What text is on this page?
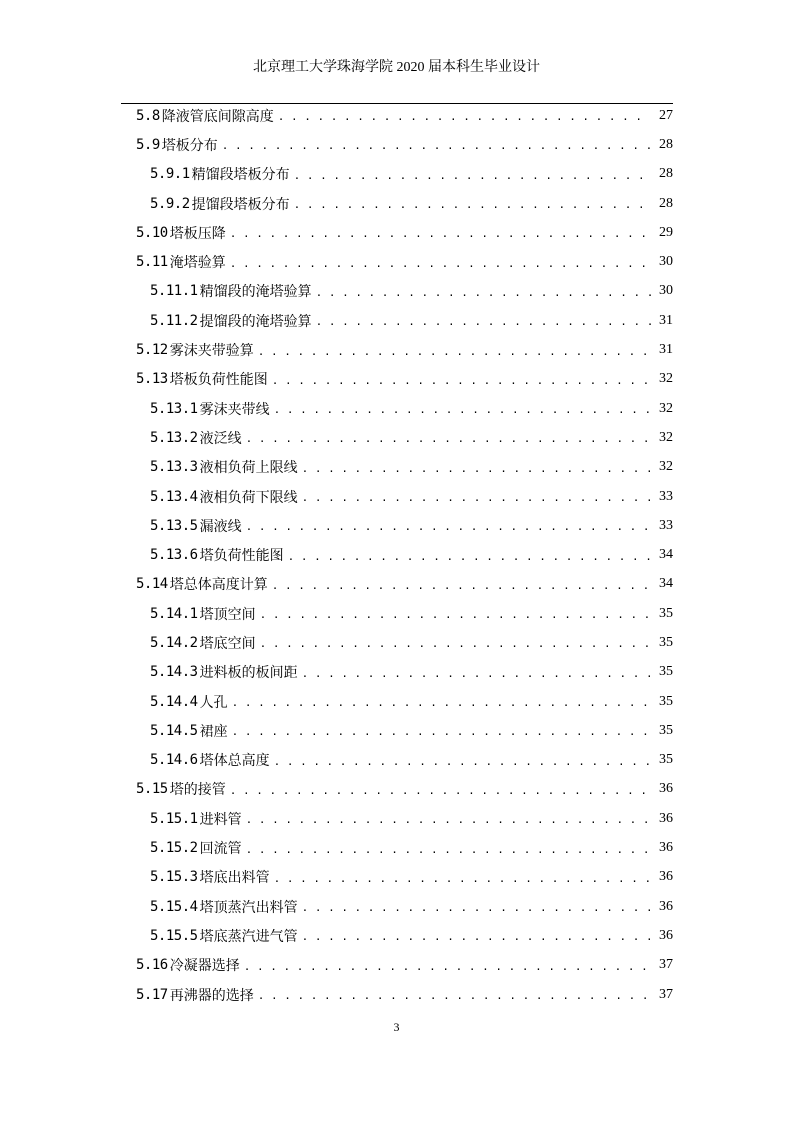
北京理工大学珠海学院 2020 届本科生毕业设计
5.8 降液管底间隙高度 . . .	27
5.9 塔板分布 . . .	28
5.9.1 精馏段塔板分布 . . .	28
5.9.2 提馏段塔板分布 . . .	28
5.10 塔板压降 . . .	29
5.11 淹塔验算 . . .	30
5.11.1 精馏段的淹塔验算 . . .	30
5.11.2 提馏段的淹塔验算 . . .	31
5.12 雾沫夹带验算 . . .	31
5.13 塔板负荷性能图 . . .	32
5.13.1 雾沫夹带线 . . .	32
5.13.2 液泛线 . . .	32
5.13.3 液相负荷上限线 . . .	32
5.13.4 液相负荷下限线 . . .	33
5.13.5 漏液线 . . .	33
5.13.6 塔负荷性能图 . . .	34
5.14 塔总体高度计算 . . .	34
5.14.1 塔顶空间 . . .	35
5.14.2 塔底空间 . . .	35
5.14.3 进料板的板间距 . . .	35
5.14.4 人孔 . . .	35
5.14.5 裙座 . . .	35
5.14.6 塔体总高度 . . .	35
5.15 塔的接管 . . .	36
5.15.1 进料管 . . .	36
5.15.2 回流管 . . .	36
5.15.3 塔底出料管 . . .	36
5.15.4 塔顶蒸汽出料管 . . .	36
5.15.5 塔底蒸汽进气管 . . .	36
5.16 冷凝器选择 . . .	37
5.17 再沸器的选择 . . .	37
3
